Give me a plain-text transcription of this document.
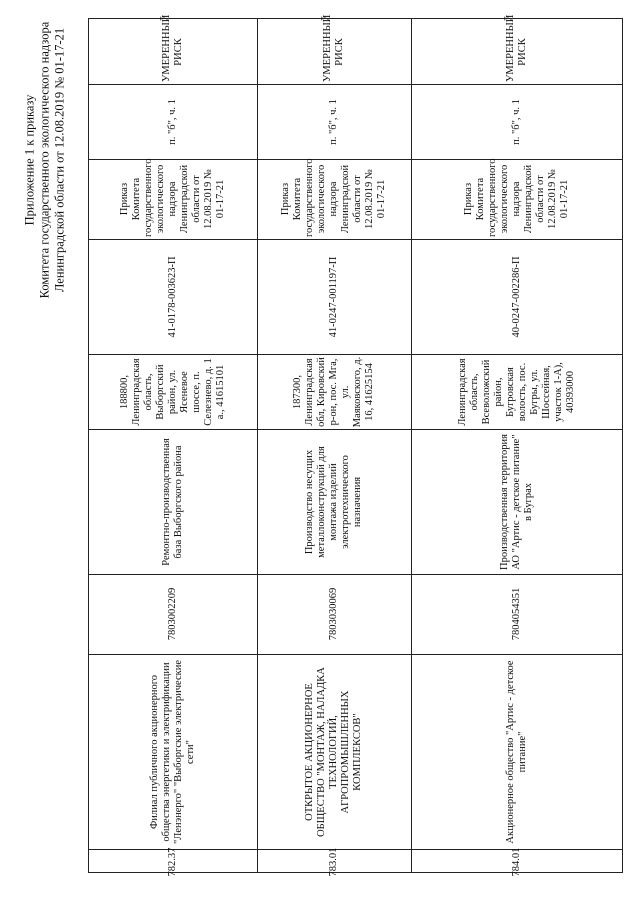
Приложение 1 к приказу Комитета государственного экологического надзора Ленинградской области от 12.08.2019 № 01-17-21	УМЕРЕННЫЙ РИСК
п. "б", ч. 1
Приказ Комитета государственного экологического надзора Ленинградской области от 12.08.2019 № 01-17-21
41-0178-003623-П
188800, Ленинградская область, Выборгский район, ул. Ясеневое шоссе, п. Селезнево, д. 1 а., 41615101
Ремонтно-производственная база Выборгского района
7803002209
Филиал публичного акционерного общества энергетики и электрификации "Ленэнерго" "Выборгские электрические сети"
782.37
УМЕРЕННЫЙ РИСК
п. "б", ч. 1
Приказ Комитета государственного экологического надзора Ленинградской области от 12.08.2019 № 01-17-21
41-0247-001197-П
187300, Ленинградская обл, Кировский р-он, пос. Мга, ул. Маяковского, д. 16, 41625154
Производство несущих металлоконструкций для монтажа изделий электротехнического назначения
7803030069
ОТКРЫТОЕ АКЦИОНЕРНОЕ ОБЩЕСТВО "МОНТАЖ, НАЛАДКА ТЕХНОЛОГИЙ, АГРОПРОМЫШЛЕННЫХ КОМПЛЕКСОВ"
783.01
УМЕРЕННЫЙ РИСК
п. "б", ч. 1
Приказ Комитета государственного экологического надзора Ленинградской области от 12.08.2019 № 01-17-21
40-0247-002286-П
Ленинградская область, Всеволожский район, Бугровская волость, пос. Бугры, ул. Шоссейная, участок 1-А), 40393000
Производственная территория АО "Артис - детское питание" в Буграх
7804054351
Акционерное общество "Артис - детское питание"
784.01
